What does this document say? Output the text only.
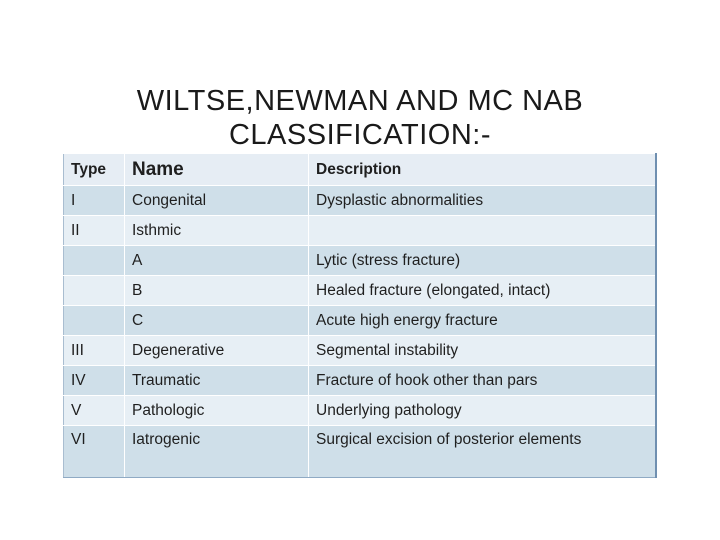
WILTSE,NEWMAN AND MC NAB
CLASSIFICATION:-
Type	Name	Description
I	Congenital	Dysplastic abnormalities
II	Isthmic	
	A	Lytic (stress fracture)
	B	Healed fracture (elongated, intact)
	C	Acute high energy fracture
III	Degenerative	Segmental instability
IV	Traumatic	Fracture of hook other than pars
V	Pathologic	Underlying pathology
VI	Iatrogenic	Surgical excision of posterior elements
